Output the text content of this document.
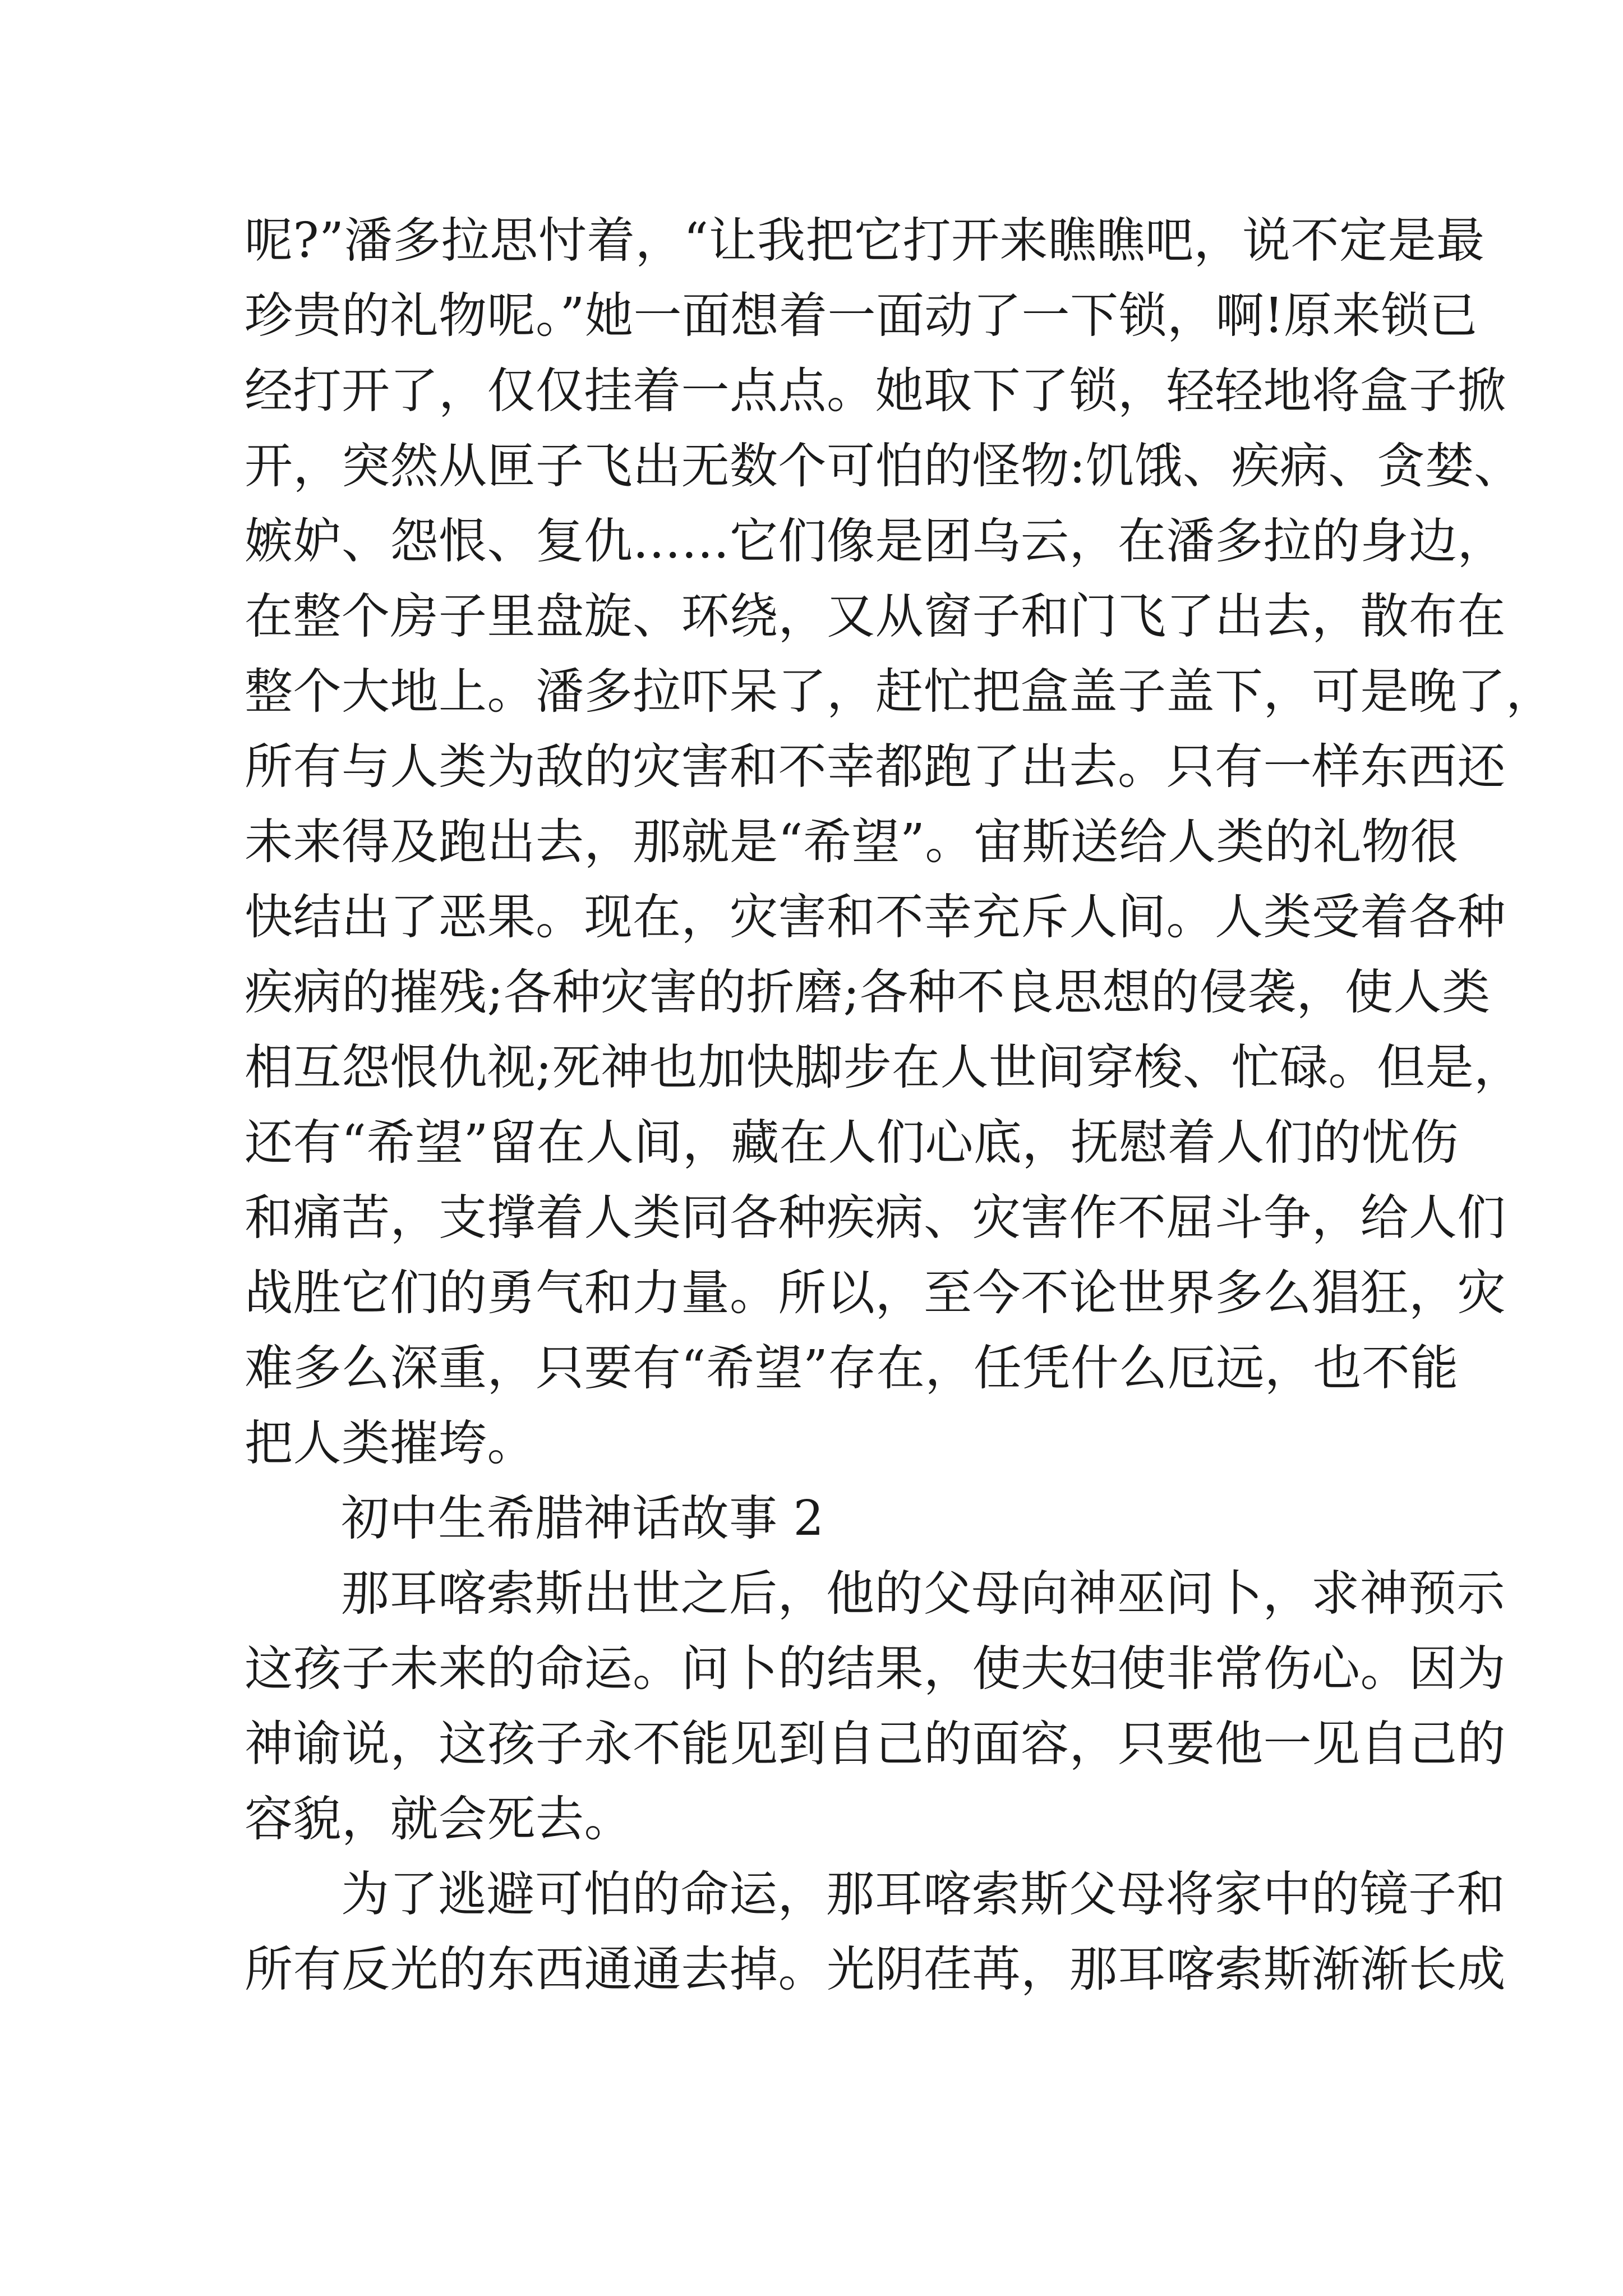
呢?”潘多拉思忖着，“让我把它打开来瞧瞧吧，说不定是最
珍贵的礼物呢。”她一面想着一面动了一下锁，啊!原来锁已
经打开了，仅仅挂着一点点。她取下了锁，轻轻地将盒子掀
开，突然从匣子飞出无数个可怕的怪物:饥饿、疾病、贪婪、
嫉妒、怨恨、复仇……它们像是团乌云，在潘多拉的身边，
在整个房子里盘旋、环绕，又从窗子和门飞了出去，散布在
整个大地上。潘多拉吓呆了，赶忙把盒盖子盖下，可是晚了，
所有与人类为敌的灾害和不幸都跑了出去。只有一样东西还
未来得及跑出去，那就是“希望”。宙斯送给人类的礼物很
快结出了恶果。现在，灾害和不幸充斥人间。人类受着各种
疾病的摧残;各种灾害的折磨;各种不良思想的侵袭，使人类
相互怨恨仇视;死神也加快脚步在人世间穿梭、忙碌。但是，
还有“希望”留在人间，藏在人们心底，抚慰着人们的忧伤
和痛苦，支撑着人类同各种疾病、灾害作不屈斗争，给人们
战胜它们的勇气和力量。所以，至今不论世界多么猖狂，灾
难多么深重，只要有“希望”存在，任凭什么厄远，也不能
把人类摧垮。
初中生希腊神话故事 2
那耳喀索斯出世之后，他的父母向神巫问卜，求神预示
这孩子未来的命运。问卜的结果，使夫妇使非常伤心。因为
神谕说，这孩子永不能见到自己的面容，只要他一见自己的
容貌，就会死去。
为了逃避可怕的命运，那耳喀索斯父母将家中的镜子和
所有反光的东西通通去掉。光阴荏苒，那耳喀索斯渐渐长成
